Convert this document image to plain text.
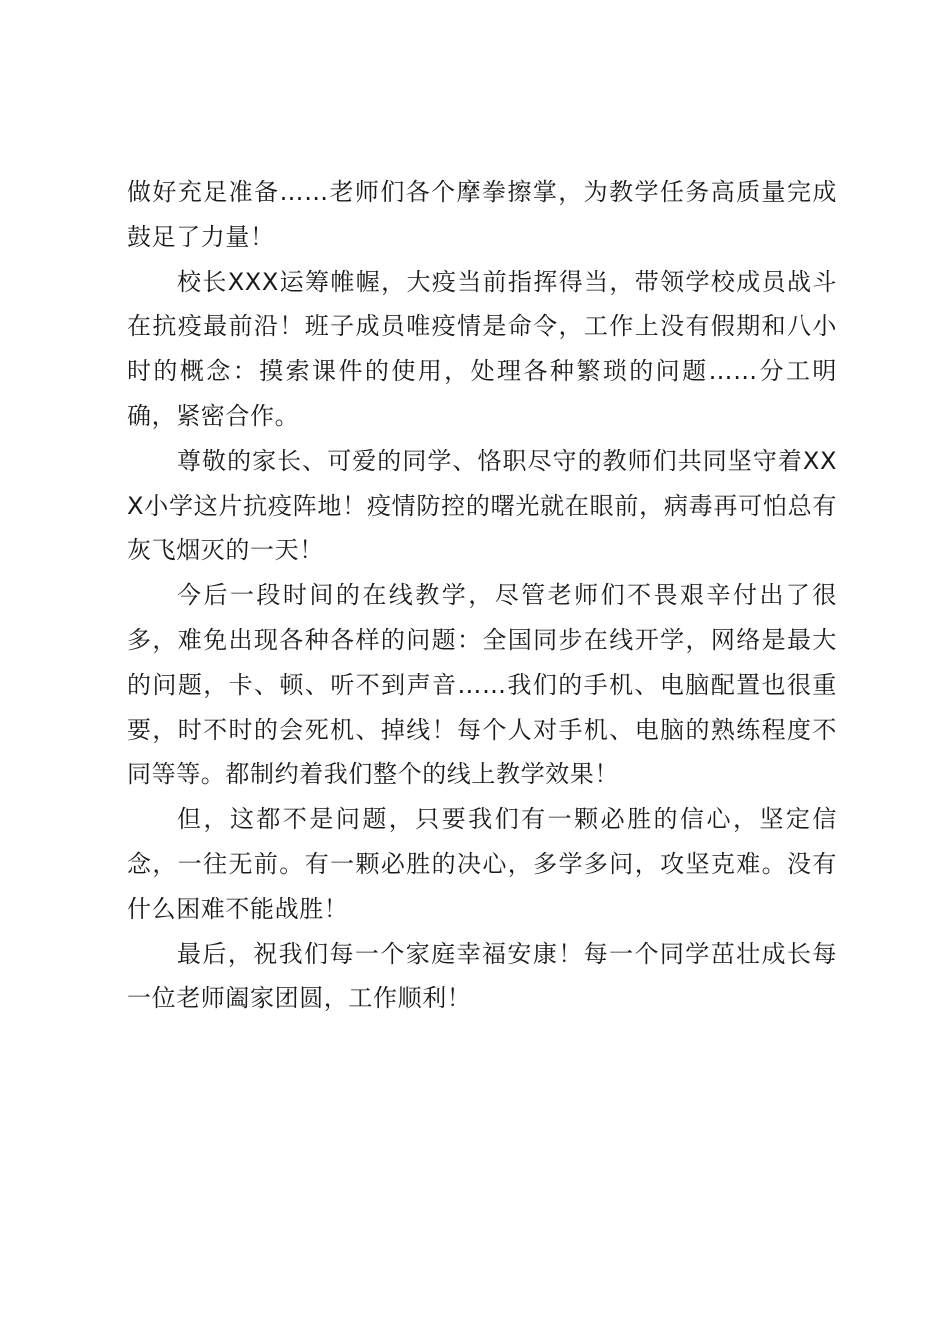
做好充足准备……老师们各个摩拳擦掌，为教学任务高质量完成鼓足了力量！

校长XXX运筹帷幄，大疫当前指挥得当，带领学校成员战斗在抗疫最前沿！班子成员唯疫情是命令，工作上没有假期和八小时的概念：摸索课件的使用，处理各种繁琐的问题……分工明确，紧密合作。

尊敬的家长、可爱的同学、恪职尽守的教师们共同坚守着XXX小学这片抗疫阵地！疫情防控的曙光就在眼前，病毒再可怕总有灰飞烟灭的一天！

今后一段时间的在线教学，尽管老师们不畏艰辛付出了很多，难免出现各种各样的问题：全国同步在线开学，网络是最大的问题，卡、顿、听不到声音……我们的手机、电脑配置也很重要，时不时的会死机、掉线！每个人对手机、电脑的熟练程度不同等等。都制约着我们整个的线上教学效果！

但，这都不是问题，只要我们有一颗必胜的信心，坚定信念，一往无前。有一颗必胜的决心，多学多问，攻坚克难。没有什么困难不能战胜！

最后，祝我们每一个家庭幸福安康！每一个同学茁壮成长每一位老师阖家团圆，工作顺利！
